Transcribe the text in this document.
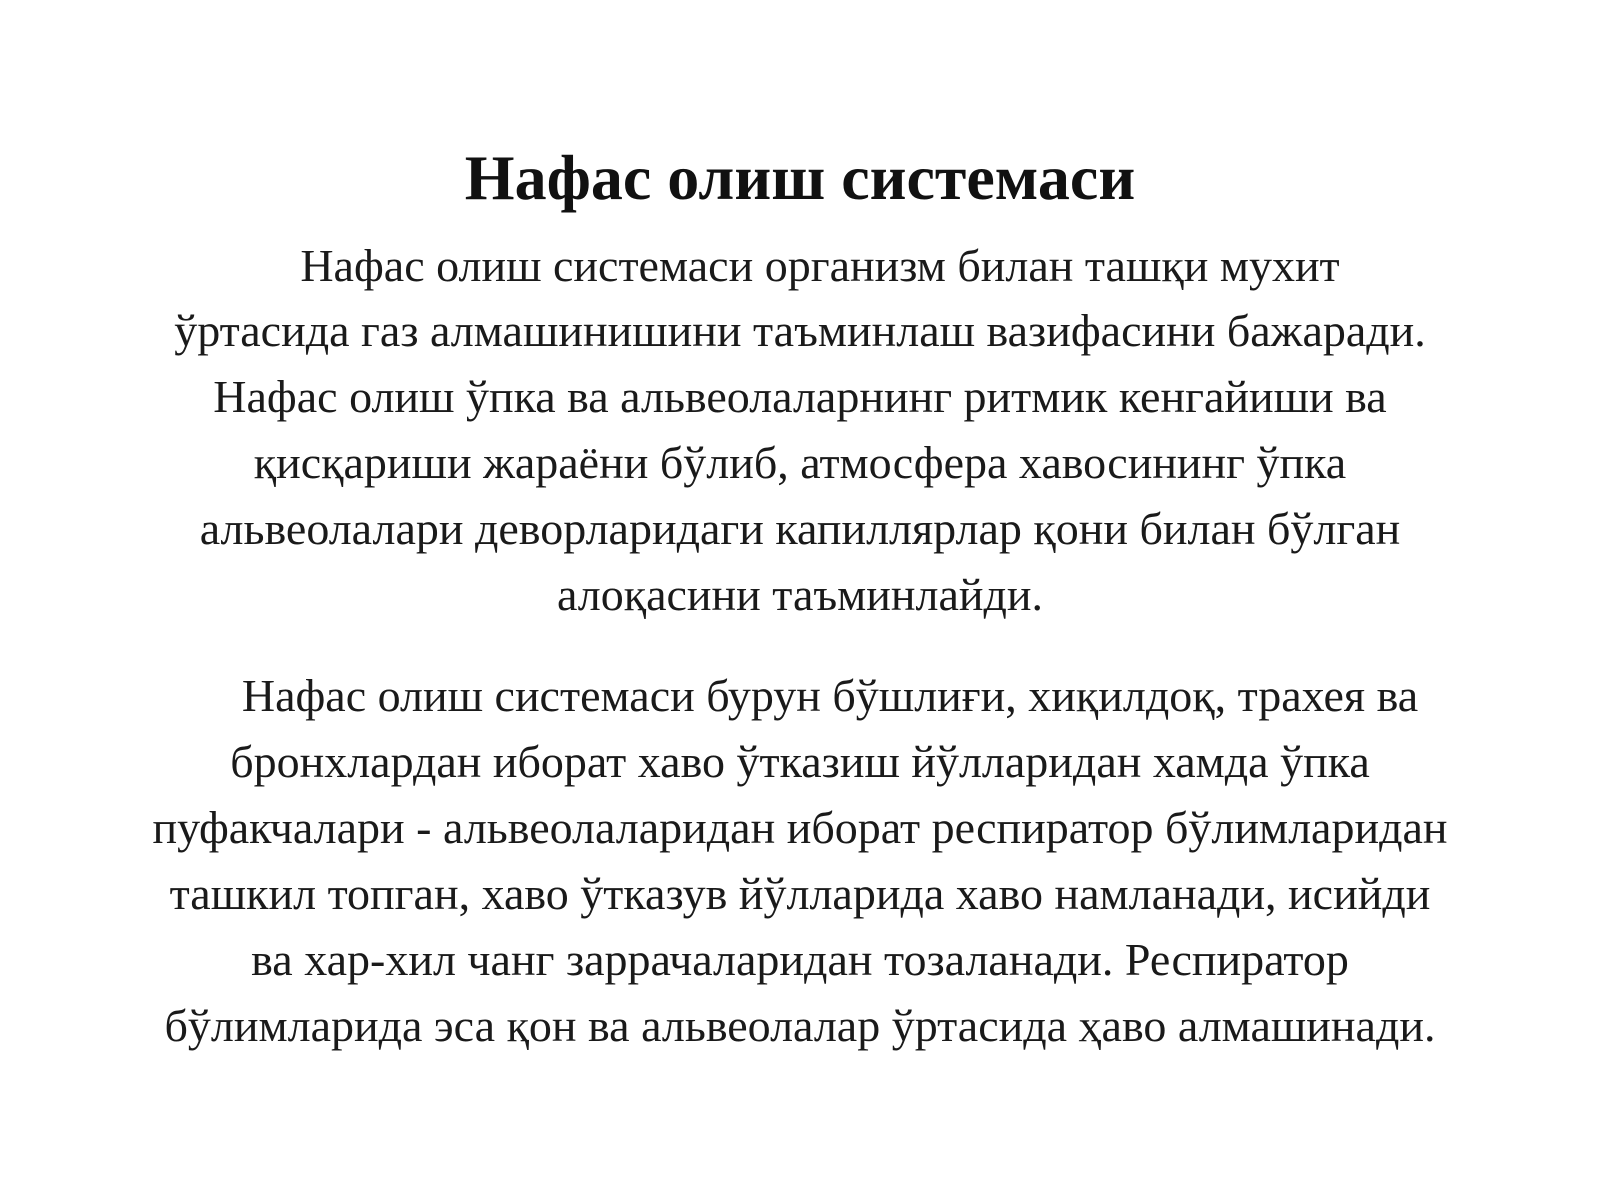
Нафас олиш системаси

Нафас олиш системаси организм билан ташқи мухит

ўртасида газ алмашинишини таъминлаш вазифасини бажаради.

Нафас олиш ўпка ва альвеолаларнинг ритмик кенгайиши ва

қисқариши жараёни бўлиб, атмосфера хавосининг ўпка

альвеолалари деворларидаги капиллярлар қони билан бўлган

алоқасини таъминлайди.

Нафас олиш системаси бурун бўшлиғи, хиқилдоқ, трахея ва

бронхлардан иборат хаво ўтказиш йўлларидан хамда ўпка

пуфакчалари - альвеолаларидан иборат респиратор бўлимларидан

ташкил топган, хаво ўтказув йўлларида хаво намланади, исийди

ва хар-хил чанг заррачаларидан тозаланади. Респиратор

бўлимларида эса қон ва альвеолалар ўртасида ҳаво алмашинади.
